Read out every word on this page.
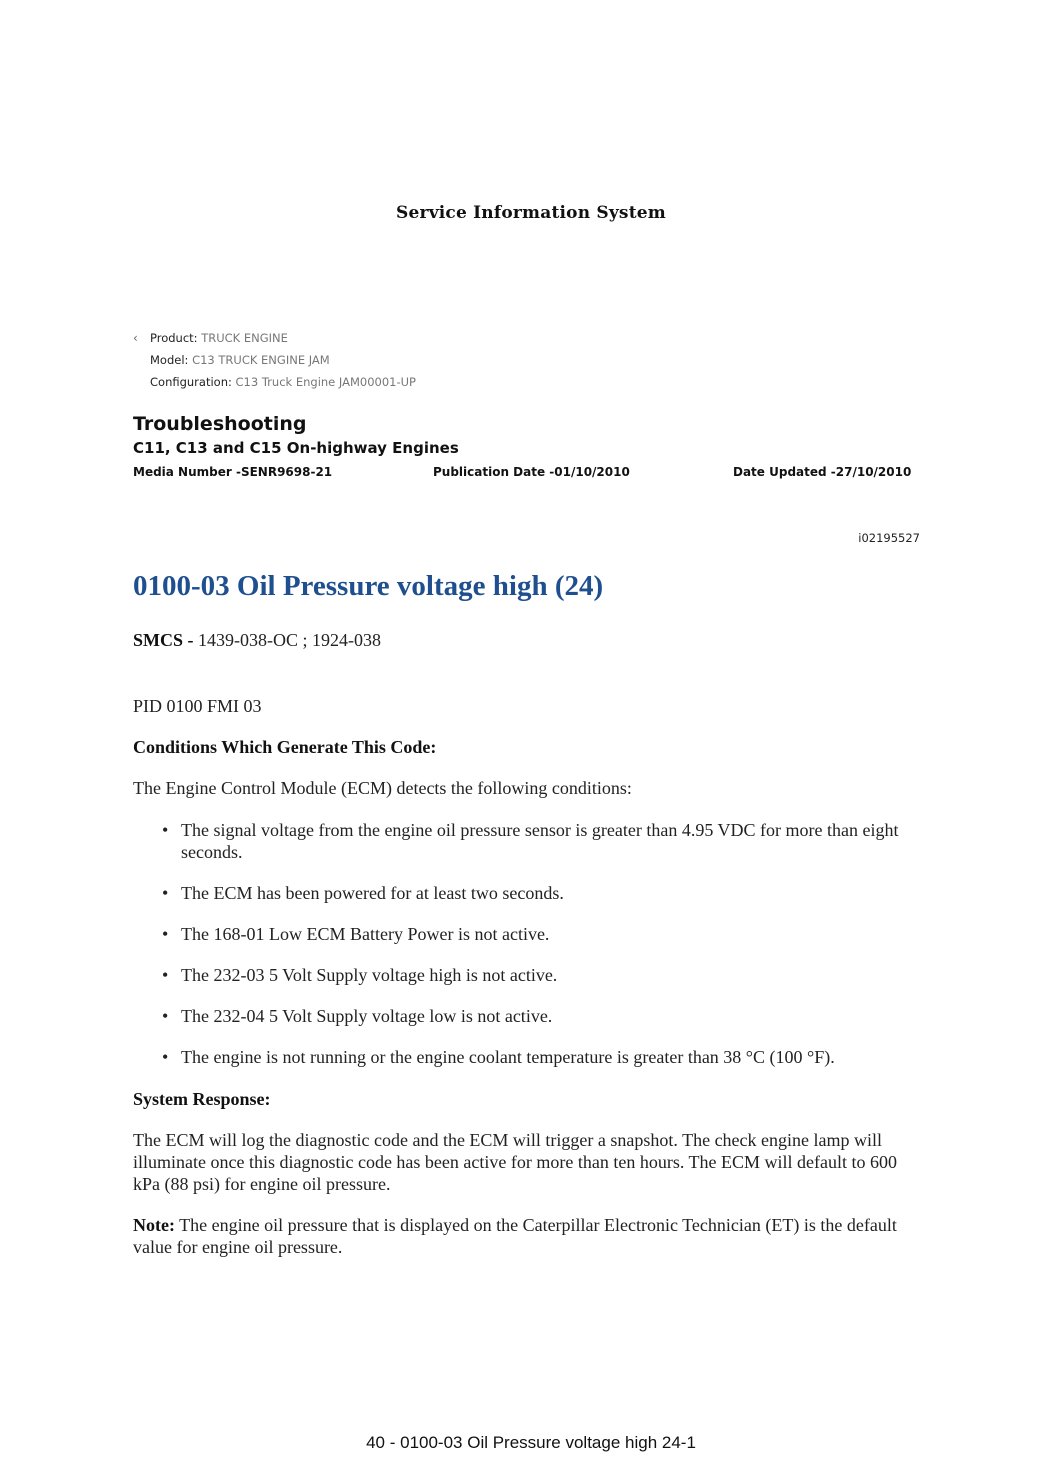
Service Information System
‹	Product: TRUCK ENGINE
Model: C13 TRUCK ENGINE JAM
Configuration: C13 Truck Engine JAM00001-UP
Troubleshooting
C11, C13 and C15 On-highway Engines
Media Number -SENR9698-21	Publication Date -01/10/2010	Date Updated -27/10/2010
i02195527
0100-03 Oil Pressure voltage high (24)
SMCS - 1439-038-OC ; 1924-038
PID 0100 FMI 03
Conditions Which Generate This Code:
The Engine Control Module (ECM) detects the following conditions:
• The signal voltage from the engine oil pressure sensor is greater than 4.95 VDC for more than eight seconds.
• The ECM has been powered for at least two seconds.
• The 168-01 Low ECM Battery Power is not active.
• The 232-03 5 Volt Supply voltage high is not active.
• The 232-04 5 Volt Supply voltage low is not active.
• The engine is not running or the engine coolant temperature is greater than 38 °C (100 °F).
System Response:
The ECM will log the diagnostic code and the ECM will trigger a snapshot. The check engine lamp will illuminate once this diagnostic code has been active for more than ten hours. The ECM will default to 600 kPa (88 psi) for engine oil pressure.
Note: The engine oil pressure that is displayed on the Caterpillar Electronic Technician (ET) is the default value for engine oil pressure.
40 - 0100-03 Oil Pressure voltage high 24-1
